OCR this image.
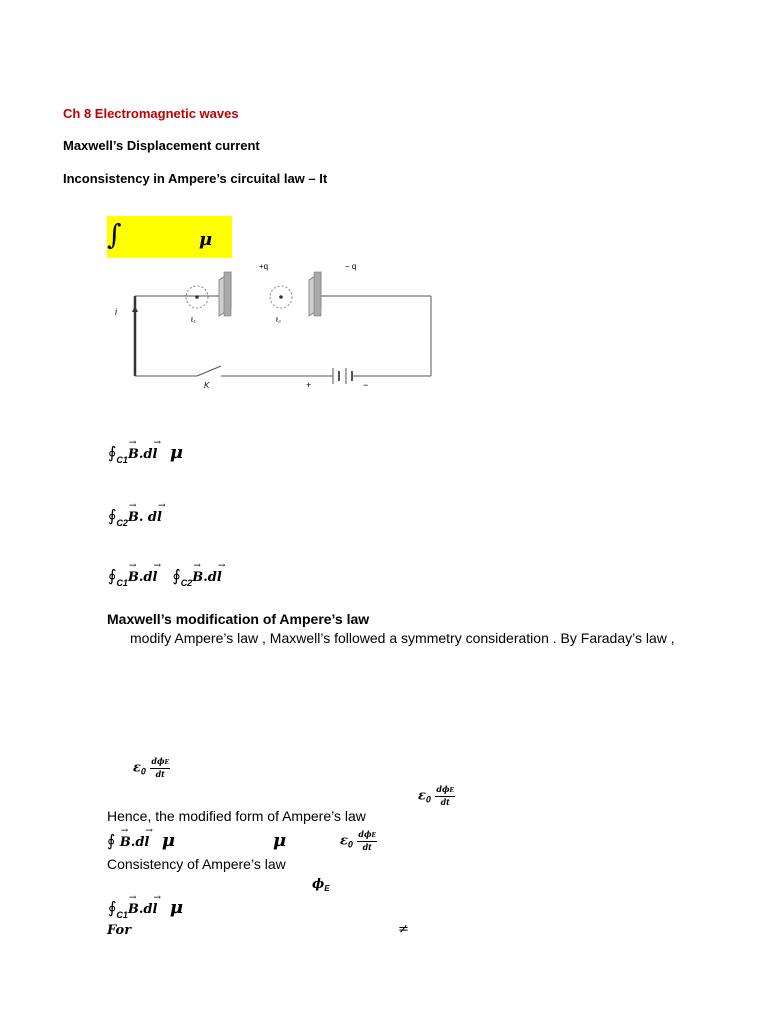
Ch 8 Electromagnetic waves
Maxwell’s Displacement current
Inconsistency in Ampere’s circuital law – It
∫	μ
i
+q	− q
ℓ₁	ℓ₂
K	+	−
$∮_{C1}\to B.d\to l$ μ
$∮_{C2}\to B$. d→ l
$∮_{C1}\to B.d\to l$ $∮_{C2}\to B.d\to l$
Maxwell’s modification of Ampere’s law
modify Ampere’s law , Maxwell’s followed a symmetry consideration . By Faraday’s law ,
$\varepsilon_0 \frac{\text{dϕE}}{dt}$
$\varepsilon_0 \frac{\text{dϕE}}{dt}$
Hence, the modified form of Ampere’s law
∮ → B.d→ l μ	μ	$\varepsilon_0 \frac{\text{dϕE}}{dt}$
Consistency of Ampere’s law
$\phi_E$
$∮_{C1}\to B.d\to l$ μ
For	≠
